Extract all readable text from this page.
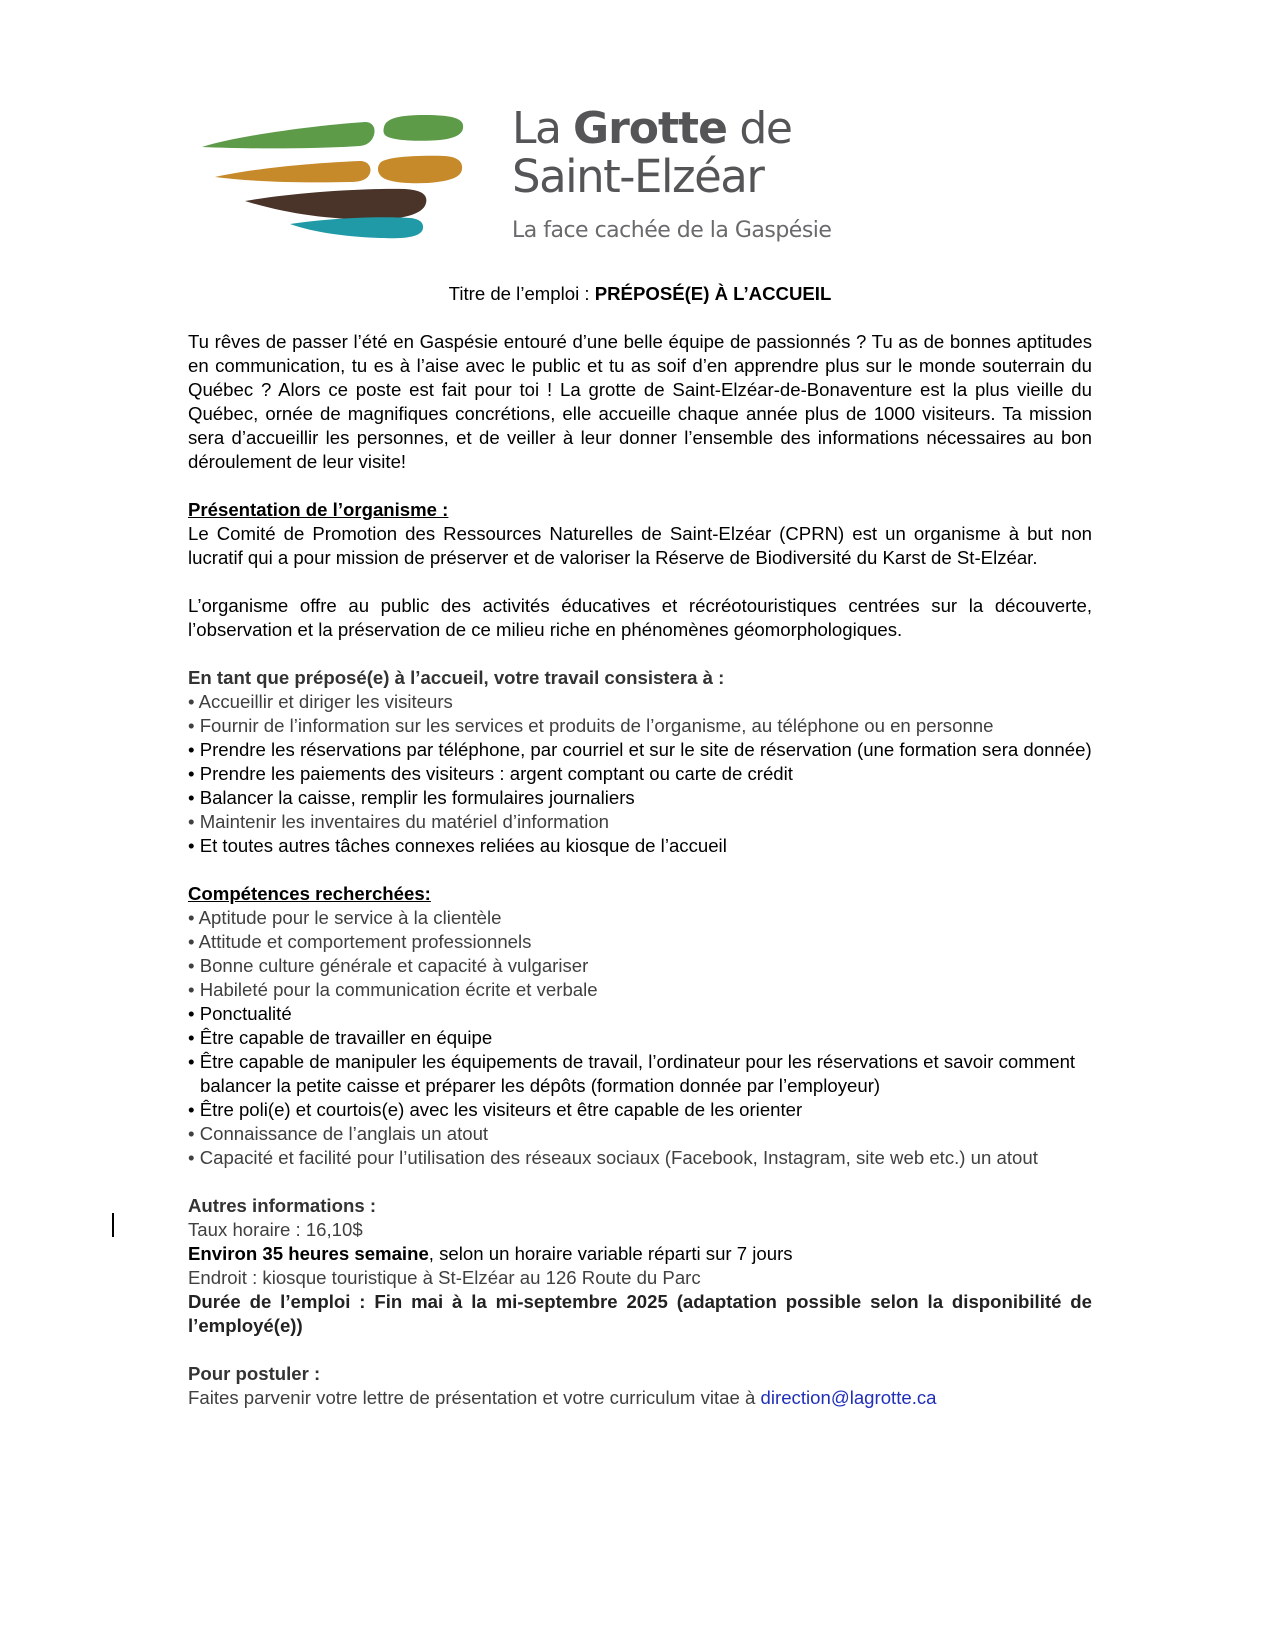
La Grotte de
Saint-Elzéar
La face cachée de la Gaspésie

Titre de l’emploi : PRÉPOSÉ(E) À L’ACCUEIL

Tu rêves de passer l’été en Gaspésie entouré d’une belle équipe de passionnés ? Tu as de bonnes aptitudes en communication, tu es à l’aise avec le public et tu as soif d’en apprendre plus sur le monde souterrain du Québec ? Alors ce poste est fait pour toi ! La grotte de Saint-Elzéar-de-Bonaventure est la plus vieille du Québec, ornée de magnifiques concrétions, elle accueille chaque année plus de 1000 visiteurs. Ta mission sera d’accueillir les personnes, et de veiller à leur donner l’ensemble des informations nécessaires au bon déroulement de leur visite!

Présentation de l’organisme :

Le Comité de Promotion des Ressources Naturelles de Saint-Elzéar (CPRN) est un organisme à but non lucratif qui a pour mission de préserver et de valoriser la Réserve de Biodiversité du Karst de St-Elzéar.

L’organisme offre au public des activités éducatives et récréotouristiques centrées sur la découverte, l’observation et la préservation de ce milieu riche en phénomènes géomorphologiques.

En tant que préposé(e) à l’accueil, votre travail consistera à :

• Accueillir et diriger les visiteurs
• Fournir de l’information sur les services et produits de l’organisme, au téléphone ou en personne
• Prendre les réservations par téléphone, par courriel et sur le site de réservation (une formation sera donnée)
• Prendre les paiements des visiteurs : argent comptant ou carte de crédit
• Balancer la caisse, remplir les formulaires journaliers
• Maintenir les inventaires du matériel d’information
• Et toutes autres tâches connexes reliées au kiosque de l’accueil

Compétences recherchées:

• Aptitude pour le service à la clientèle
• Attitude et comportement professionnels
• Bonne culture générale et capacité à vulgariser
• Habileté pour la communication écrite et verbale
• Ponctualité
• Être capable de travailler en équipe
• Être capable de manipuler les équipements de travail, l’ordinateur pour les réservations et savoir comment balancer la petite caisse et préparer les dépôts (formation donnée par l’employeur)
• Être poli(e) et courtois(e) avec les visiteurs et être capable de les orienter
• Connaissance de l’anglais un atout
• Capacité et facilité pour l’utilisation des réseaux sociaux (Facebook, Instagram, site web etc.) un atout

Autres informations :

Taux horaire : 16,10$

Environ 35 heures semaine, selon un horaire variable réparti sur 7 jours

Endroit : kiosque touristique à St-Elzéar au 126 Route du Parc

Durée de l’emploi : Fin mai à la mi-septembre 2025 (adaptation possible selon la disponibilité de l’employé(e))

Pour postuler :

Faites parvenir votre lettre de présentation et votre curriculum vitae à direction@lagrotte.ca
